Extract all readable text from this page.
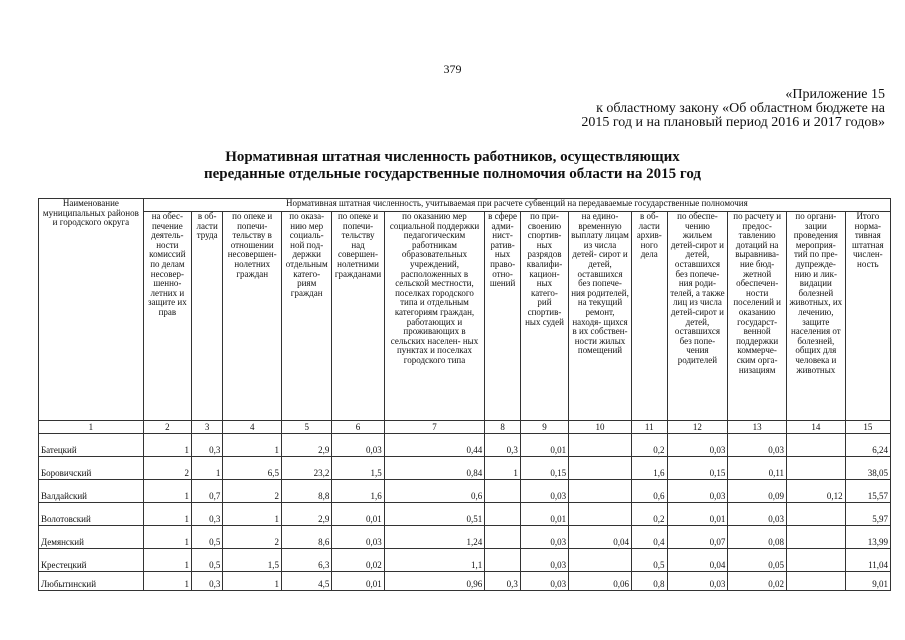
379
«Приложение 15
к областному закону «Об областном бюджете на
2015 год и на плановый период 2016 и 2017 годов»
Нормативная штатная численность работников, осуществляющих
переданные отдельные государственные полномочия области на 2015 год
Наименование муниципальных районов и городского округа	Нормативная штатная численность, учитываемая при расчете субвенций на передаваемые государственные полномочия													
	на обес- печение деятель- ности комиссий по делам несовер- шенно- летних и защите их прав	в об- ласти труда	по опеке и попечи- тельству в отношении несовершен- нолетних граждан	по оказа- нию мер социаль- ной под- держки отдельным катего- риям граждан	по опеке и попечи- тельству над совершен- нолетними гражданами	по оказанию мер социальной поддержки педагогическим работникам образовательных учреждений, расположенных в сельской местности, поселках городского типа и отдельным категориям граждан, работающих и проживающих в сельских населен- ных пунктах и поселках городского типа	в сфере адми- нист- ратив- ных право- отно- шений	по при- своению спортив- ных разрядов квалифи- кацион- ных катего- рий спортив- ных судей	на едино- временную выплату лицам из числа детей- сирот и детей, оставшихся без попече- ния родителей, на текущий ремонт, находя- щихся в их собствен- ности жилых помещений	в об- ласти архив- ного дела	по обеспе- чению жильем детей-сирот и детей, оставшихся без попече- ния роди- телей, а также лиц из числа детей-сирот и детей, оставшихся без попе- чения родителей	по расчету и предос- тавлению дотаций на выравнива- ние бюд- жетной обеспечен- ности поселений и оказанию государст- венной поддержки коммерче- ским орга- низациям	по органи- зации проведения мероприя- тий по пре- дупрежде- нию и лик- видации болезней животных, их лечению, защите населения от болезней, общих для человека и животных	Итого норма- тивная штатная числен- ность
1	2	3	4	5	6	7	8	9	10	11	12	13	14	15
Батецкий	1	0,3	1	2,9	0,03	0,44	0,3	0,01		0,2	0,03	0,03		6,24
Боровичский	2	1	6,5	23,2	1,5	0,84	1	0,15		1,6	0,15	0,11		38,05
Валдайский	1	0,7	2	8,8	1,6	0,6		0,03		0,6	0,03	0,09	0,12	15,57
Волотовский	1	0,3	1	2,9	0,01	0,51		0,01		0,2	0,01	0,03		5,97
Демянский	1	0,5	2	8,6	0,03	1,24		0,03	0,04	0,4	0,07	0,08		13,99
Крестецкий	1	0,5	1,5	6,3	0,02	1,1		0,03		0,5	0,04	0,05		11,04
Любытинский	1	0,3	1	4,5	0,01	0,96	0,3	0,03	0,06	0,8	0,03	0,02		9,01
